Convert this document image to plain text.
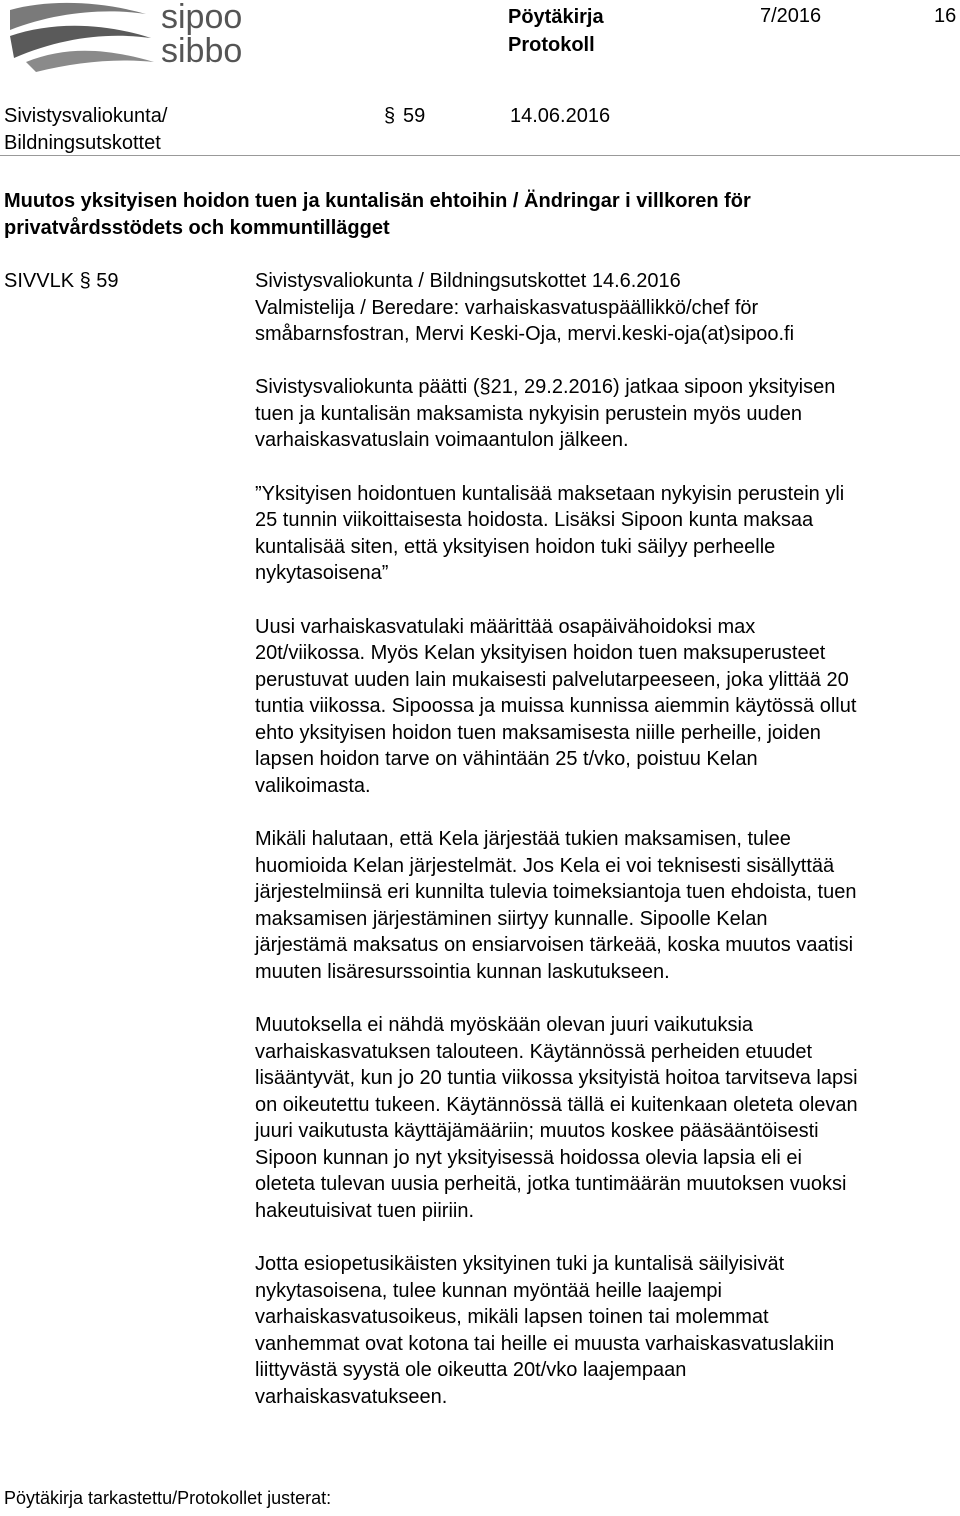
sipoo
sibbo
Pöytäkirja
Protokoll
7/2016	16
Sivistysvaliokunta/
Bildningsutskottet
§ 59	14.06.2016
Muutos yksityisen hoidon tuen ja kuntalisän ehtoihin / Ändringar i villkoren för
privatvårdsstödets och kommuntillägget
SIVVLK § 59	Sivistysvaliokunta / Bildningsutskottet 14.6.2016
Valmistelija / Beredare: varhaiskasvatuspäällikkö/chef för
småbarnsfostran, Mervi Keski-Oja, mervi.keski-oja(at)sipoo.fi

Sivistysvaliokunta päätti (§21, 29.2.2016) jatkaa sipoon yksityisen
tuen ja kuntalisän maksamista nykyisin perustein myös uuden
varhaiskasvatuslain voimaantulon jälkeen.

”Yksityisen hoidontuen kuntalisää maksetaan nykyisin perustein yli
25 tunnin viikoittaisesta hoidosta. Lisäksi Sipoon kunta maksaa
kuntalisää siten, että yksityisen hoidon tuki säilyy perheelle
nykytasoisena”

Uusi varhaiskasvatulaki määrittää osapäivähoidoksi max
20t/viikossa. Myös Kelan yksityisen hoidon tuen maksuperusteet
perustuvat uuden lain mukaisesti palvelutarpeeseen, joka ylittää 20
tuntia viikossa. Sipoossa ja muissa kunnissa aiemmin käytössä ollut
ehto yksityisen hoidon tuen maksamisesta niille perheille, joiden
lapsen hoidon tarve on vähintään 25 t/vko, poistuu Kelan
valikoimasta.

Mikäli halutaan, että Kela järjestää tukien maksamisen, tulee
huomioida Kelan järjestelmät. Jos Kela ei voi teknisesti sisällyttää
järjestelmiinsä eri kunnilta tulevia toimeksiantoja tuen ehdoista, tuen
maksamisen järjestäminen siirtyy kunnalle. Sipoolle Kelan
järjestämä maksatus on ensiarvoisen tärkeää, koska muutos vaatisi
muuten lisäresurssointia kunnan laskutukseen.

Muutoksella ei nähdä myöskään olevan juuri vaikutuksia
varhaiskasvatuksen talouteen. Käytännössä perheiden etuudet
lisääntyvät, kun jo 20 tuntia viikossa yksityistä hoitoa tarvitseva lapsi
on oikeutettu tukeen. Käytännössä tällä ei kuitenkaan oleteta olevan
juuri vaikutusta käyttäjämääriin; muutos koskee pääsääntöisesti
Sipoon kunnan jo nyt yksityisessä hoidossa olevia lapsia eli ei
oleteta tulevan uusia perheitä, jotka tuntimäärän muutoksen vuoksi
hakeutuisivat tuen piiriin.

Jotta esiopetusikäisten yksityinen tuki ja kuntalisä säilyisivät
nykytasoisena, tulee kunnan myöntää heille laajempi
varhaiskasvatusoikeus, mikäli lapsen toinen tai molemmat
vanhemmat ovat kotona tai heille ei muusta varhaiskasvatuslakiin
liittyvästä syystä ole oikeutta 20t/vko laajempaan
varhaiskasvatukseen.

Pöytäkirja tarkastettu/Protokollet justerat:
